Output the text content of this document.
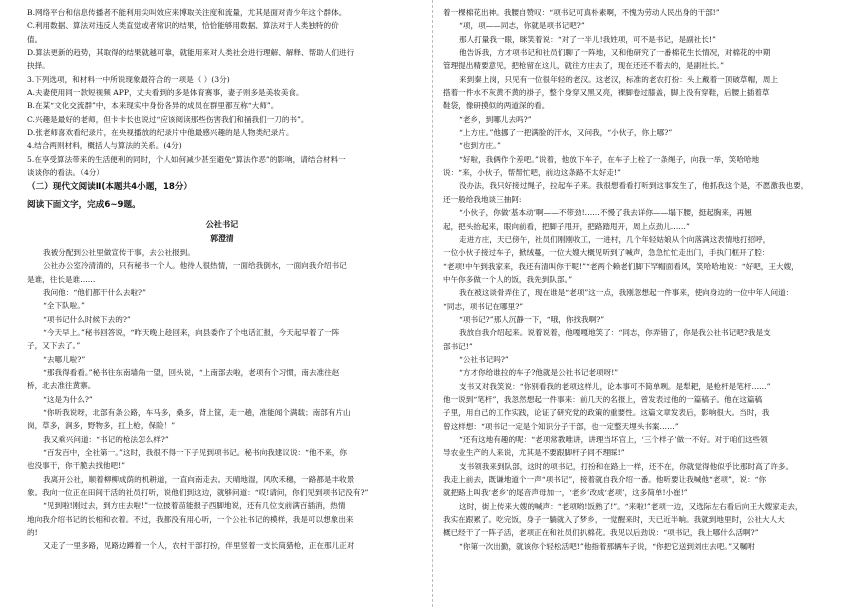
B.网络平台和信息传播者不能利用尖叫效应来博取关注度和流量，尤其是面对青少年这个群体。
C.利用数据、算法对违反人类直觉或者常识的结果，恰恰能够用数据、算法对于人类独特的价
值。
D.算法更新的趋势，其取得的结果就越可靠，就能用来对人类社会进行理解、解释、帮助人们进行
抉择。
3.下列选项，和材料一中所说现象最符合的一项是（ ）(3分)
A.夫妻使用同一款短视频 APP，丈夫看到的多是体育赛事，妻子则多是美妆美食。
B.在某“文化交流群”中，本来现实中身份各异的成员在群里都互称“大师”。
C.兴趣是最好的老师，但卡卡长也说过“应该阅读那些伤害我们和捅我们一刀的书”。
D.张老师喜欢看纪录片，在央视播放的纪录片中他最感兴趣的是人物类纪录片。
4.结合两则材料，概括人与算法的关系。(4分)
5.在享受算法带来的生活便利的同时，个人如何减少甚至避免“算法作恶”的影响，请结合材料一
谈谈你的看法。（4分）
（二）现代文阅读Ⅱ(本题共4小题，18分）
阅读下面文字，完成6~9题。
公社书记
郭澄清
我被分配到公社里做宣传干事，去公社报到。
公社办公室冷清清的，只有秘书一个人。他待人很热情，一面给我倒水，一面向我介绍书记
是谁，往长是谁……
我问他：“他们都干什么去啦?”
“全下队啦。”
“项书记什么时候下去的?”
“今天早上。”秘书回答说，“昨天晚上趁回来，向县委作了个电话汇报，今天起早着了一阵
子，又下去了。”
“去哪儿啦?”
“那我得看看。”秘书往东南墙角一望，回头说，“上南部去啦，老项有个习惯，南去准往赵
桥，北去准往黄寨。
“这是为什么?”
“你听我说呀，北部有条公路，车马多，桑多，背上筐，走一趟，准能闻个满载；南部有片山
岗，草多，涧多，野物多，扛上枪，保险！”
我又乘兴问道：“书记的枪法怎么样?”
“百发百中，全社第一。”这时，我很不得一下子见到项书记。秘书向我建议说：“他不来，你
也没事干，你干脆去找他吧!”
我离开公社，顺着柳柳成荫的机耕道，一直向南走去。天晴地湿，风吹禾穗，一路都是丰收景
象。我向一位正在田间干活的社员打听，说他们到这边，就够问道：“哎!请问，你们见到项书记没有?”
“见到啦!刚过去，到方庄去啦!”一位披着苗能报子西脚地说，还有几位支前满百插消，热情
地向我介绍书记的长相和衣着。不过，我都没有用心听，一个公社书记的模样，我是可以想象出来
的!
又走了一里多路，见路边蹲着一个人，农村干部打扮，伴里竖着一支长筒猎枪，正在那儿正对
着一棵棉花出神。我腰自赞叹：“项书记可真朴素啊，不愧为劳动人民出身的干部!”
“项，项——同志，你就是项书记吧?”
那人打量我一眼，眯笑着说：“对了一半儿!我姓项，可不是书记，是副社长!”
他告诉我，方才项书记和社员们聊了一阵地，又和他研究了一番棉花生长情况，对棉花的中期
管理提出精要意见，把枪留在这儿，就往方庄去了，现在还还不着去的，是副社长。”
来到秦上岗，只见有一位很年轻的老汉。这老汉，标准的老农打扮：头上戴着一顶破草帽，周上
搭着一件水不灰黄不黄的褂子，整个身穿又黑又亮，裸脚卷过膝盖，脚上没有穿鞋，后腰上插着草
鞋袋，像研摸似的两道深的看。
“老乡，到哪儿去吗?”
“上方庄。”他挪了一把满脸的汗水，又问我，“小伙子，你上哪?”
“也到方庄。”
“好啦，我俩作个差吧。”说着，他放下车子，在车子上栓了一条绳子，向我一举，笑哈哈地
说：“来，小伙子，帮帮忙吧，前边这条路不太好走!”
没办法，我只好接过绳子，拉起车子来。我很想看看打听到这事发生了，他抓我这个是，不愿激我也要，
还一般给我地谈三抽阿:
“小伙子，你做‘基本动’啊——不带劲!……不慢了我去详你——塌下腰，挺起胸来，再翘
起，把头抬起来，眼向前看，把脚子甩开，把路踏甩开，周上点劲儿……”
走进方庄，天已傍午，社员们刚刚收工，一进村，几个年轻姑娘从个向落满这表情地打招呼，
一位小伙子接过车子，掀绒蔓，一位大嫂大概见听到了喊声，急急忙忙走出门，手执门框开了腔：
“老项!中午到我家来，我还有清叫你干呢!”“老两个赖老们脚下罕帽面看风，笑哈哈地说：“好吧，王大嫂，
中午你多做一个人的饭，我先到队部。”
我在被这谈骨弄住了，现在谁是“老项”这一点，我刚忽想起一件事来，使向身边的一位中年人问道：
“同志，项书记在哪里?”
“项书记?”那人沉静一下，“哦，你找我啊?”
我放自我介绍起来。说着说着，他嘎嘎地笑了：“同志，你弄错了，你是我公社书记吧?我是支
部书记!”
“公社书记吗?”
“方才你给谁拉的车子?他就是公社书记老项呀!”
支书又对我笑说：“你别看我的老项这样儿，论本事可不简单咧。是犁耙，是枪杆是笔杆……”
他一说到“笔杆”，我忽然想起一件事来：前几天的名报上，曾发表过他的一篇稿子。他在这篇稿
子里，用自己的工作实践，论证了研究党的政策的重要性。这篇文章发表后，影响很大。当时，我
曾这样想：“项书记一定是个知识分子干部，也一定整天埋头书案……”
“还有这地有趣的呢：“老项常教唯讲，讲理当坏官上，‘三个样子’做一不好。对于咱们这些领
导农业生产的人来说，尤其是不要跟脚杆子同不理睬!”
支书领我来到队部，这时的项书记，打扮和在路上一样，还不在，你就觉得他似乎比那时高了许多。
我走上前去，既谦地道个一声“项书记”，接着就自我介绍一番。他听要让我喊他“老项”，说：“你
就把路上叫我‘老乡’的尾音声母加一，‘老乡’改成‘老项’，这多简单!小崔!”
这时，街上传来大嫂的喊声：“老项哟!饭熟了!”。“来啦!”老项一边，又选际左右看后向王大嫂家走去，
我实在跟累了。吃完饭，身子一躺就入了梦乡，一觉醒来时，天已近半晌。我就到地里时，公社大人大
概已经干了一阵子活，老项正在和社员们扒棉花。我见以后劲说：“项书记，我上哪什么活啊?”
“你第一次出勤，就该你个轻松活吧!”他指着那辆车子说，“你把它送到刘庄去吧。”又嘱咐
